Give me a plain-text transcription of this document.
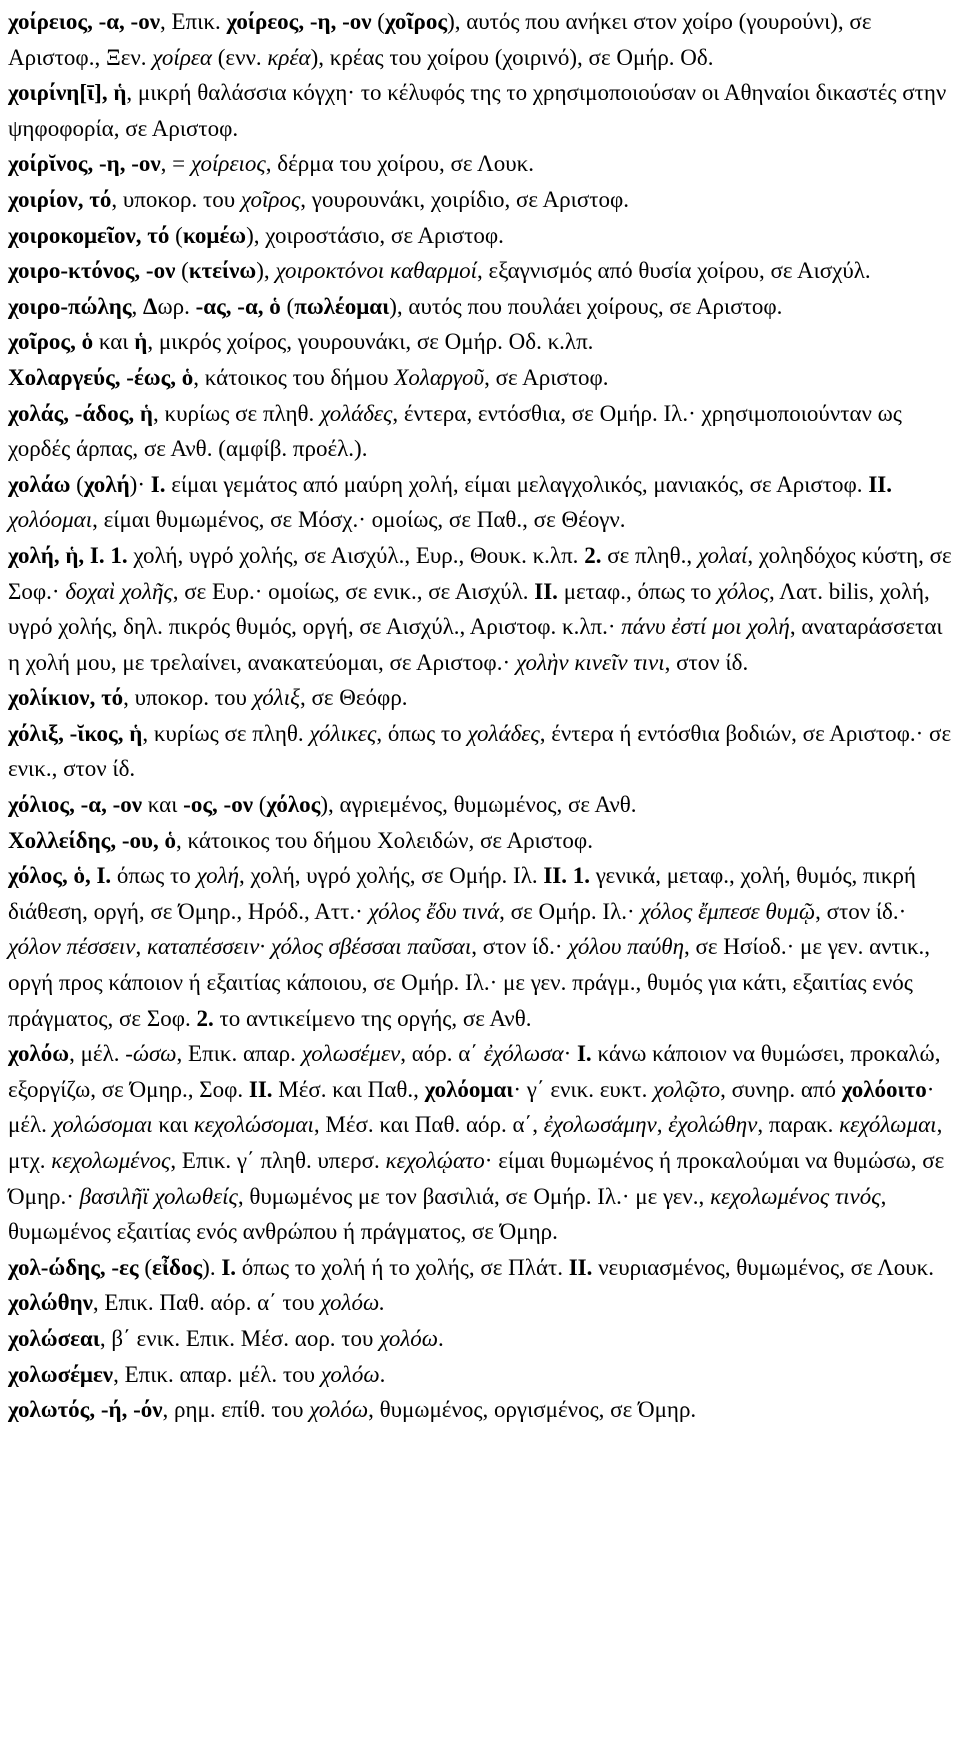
χοίρειος, -α, -ον, Επικ. χοίρεος, -η, -ον (χοῖρος), αυτός που ανήκει στον χοίρο (γουρούνι), σε Αριστοφ., Ξεν. χοίρεα (ενν. κρέα), κρέας του χοίρου (χοιρινό), σε Ομήρ. Οδ.

χοιρίνη[ῑ], ἡ, μικρή θαλάσσια κόγχη· το κέλυφός της το χρησιμοποιούσαν οι Αθηναίοι δικαστές στην ψηφοφορία, σε Αριστοφ.

χοίρῐνος, -η, -ον, = χοίρειος, δέρμα του χοίρου, σε Λουκ.

χοιρίον, τό, υποκορ. του χοῖρος, γουρουνάκι, χοιρίδιο, σε Αριστοφ.

χοιροκομεῖον, τό (κομέω), χοιροστάσιο, σε Αριστοφ.

χοιρο-κτόνος, -ον (κτείνω), χοιροκτόνοι καθαρμοί, εξαγνισμός από θυσία χοίρου, σε Αισχύλ.

χοιρο-πώλης, Δωρ. -ας, -α, ὁ (πωλέομαι), αυτός που πουλάει χοίρους, σε Αριστοφ.

χοῖρος, ὁ και ἡ, μικρός χοίρος, γουρουνάκι, σε Ομήρ. Οδ. κ.λπ.

Χολαργεύς, -έως, ὁ, κάτοικος του δήμου Χολαργοῦ, σε Αριστοφ.

χολάς, -άδος, ἡ, κυρίως σε πληθ. χολάδες, έντερα, εντόσθια, σε Ομήρ. Ιλ.· χρησιμοποιούνταν ως χορδές άρπας, σε Ανθ. (αμφίβ. προέλ.).

χολάω (χολή)· I. είμαι γεμάτος από μαύρη χολή, είμαι μελαγχολικός, μανιακός, σε Αριστοφ. II. χολόομαι, είμαι θυμωμένος, σε Μόσχ.· ομοίως, σε Παθ., σε Θέογν.

χολή, ἡ, I. 1. χολή, υγρό χολής, σε Αισχύλ., Ευρ., Θουκ. κ.λπ. 2. σε πληθ., χολαί, χοληδόχος κύστη, σε Σοφ.· δοχαὶ χολῆς, σε Ευρ.· ομοίως, σε ενικ., σε Αισχύλ. II. μεταφ., όπως το χόλος, Λατ. bilis, χολή, υγρό χολής, δηλ. πικρός θυμός, οργή, σε Αισχύλ., Αριστοφ. κ.λπ.· πάνυ ἐστί μοι χολή, αναταράσσεται η χολή μου, με τρελαίνει, ανακατεύομαι, σε Αριστοφ.· χολὴν κινεῖν τινι, στον ίδ.

χολίκιον, τό, υποκορ. του χόλιξ, σε Θεόφρ.

χόλιξ, -ῐκος, ἡ, κυρίως σε πληθ. χόλικες, όπως το χολάδες, έντερα ή εντόσθια βοδιών, σε Αριστοφ.· σε ενικ., στον ίδ.

χόλιος, -α, -ον και -ος, -ον (χόλος), αγριεμένος, θυμωμένος, σε Ανθ.

Χολλείδης, -ου, ὁ, κάτοικος του δήμου Χολειδών, σε Αριστοφ.

χόλος, ὁ, I. όπως το χολή, χολή, υγρό χολής, σε Ομήρ. Ιλ. II. 1. γενικά, μεταφ., χολή, θυμός, πικρή διάθεση, οργή, σε Όμηρ., Ηρόδ., Αττ.· χόλος ἔδυ τινά, σε Ομήρ. Ιλ.· χόλος ἔμπεσε θυμῷ, στον ίδ.· χόλον πέσσειν, καταπέσσειν· χόλος σβέσσαι παῦσαι, στον ίδ.· χόλου παύθη, σε Ησίοδ.· με γεν. αντικ., οργή προς κάποιον ή εξαιτίας κάποιου, σε Ομήρ. Ιλ.· με γεν. πράγμ., θυμός για κάτι, εξαιτίας ενός πράγματος, σε Σοφ. 2. το αντικείμενο της οργής, σε Ανθ.

χολόω, μέλ. -ώσω, Επικ. απαρ. χολωσέμεν, αόρ. α΄ ἐχόλωσα· I. κάνω κάποιον να θυμώσει, προκαλώ, εξοργίζω, σε Όμηρ., Σοφ. II. Μέσ. και Παθ., χολόομαι· γ΄ ενικ. ευκτ. χολῷτο, συνηρ. από χολόοιτο· μέλ. χολώσομαι και κεχολώσομαι, Μέσ. και Παθ. αόρ. α΄, ἐχολωσάμην, ἐχολώθην, παρακ. κεχόλωμαι, μτχ. κεχολωμένος, Επικ. γ΄ πληθ. υπερσ. κεχολῴατο· είμαι θυμωμένος ή προκαλούμαι να θυμώσω, σε Όμηρ.· βασιλῆϊ χολωθείς, θυμωμένος με τον βασιλιά, σε Ομήρ. Ιλ.· με γεν., κεχολωμένος τινός, θυμωμένος εξαιτίας ενός ανθρώπου ή πράγματος, σε Όμηρ.

χολ-ώδης, -ες (εἶδος). I. όπως το χολή ή το χολής, σε Πλάτ. II. νευριασμένος, θυμωμένος, σε Λουκ.

χολώθην, Επικ. Παθ. αόρ. α΄ του χολόω.

χολώσεαι, β΄ ενικ. Επικ. Μέσ. αορ. του χολόω.

χολωσέμεν, Επικ. απαρ. μέλ. του χολόω.

χολωτός, -ή, -όν, ρημ. επίθ. του χολόω, θυμωμένος, οργισμένος, σε Όμηρ.
